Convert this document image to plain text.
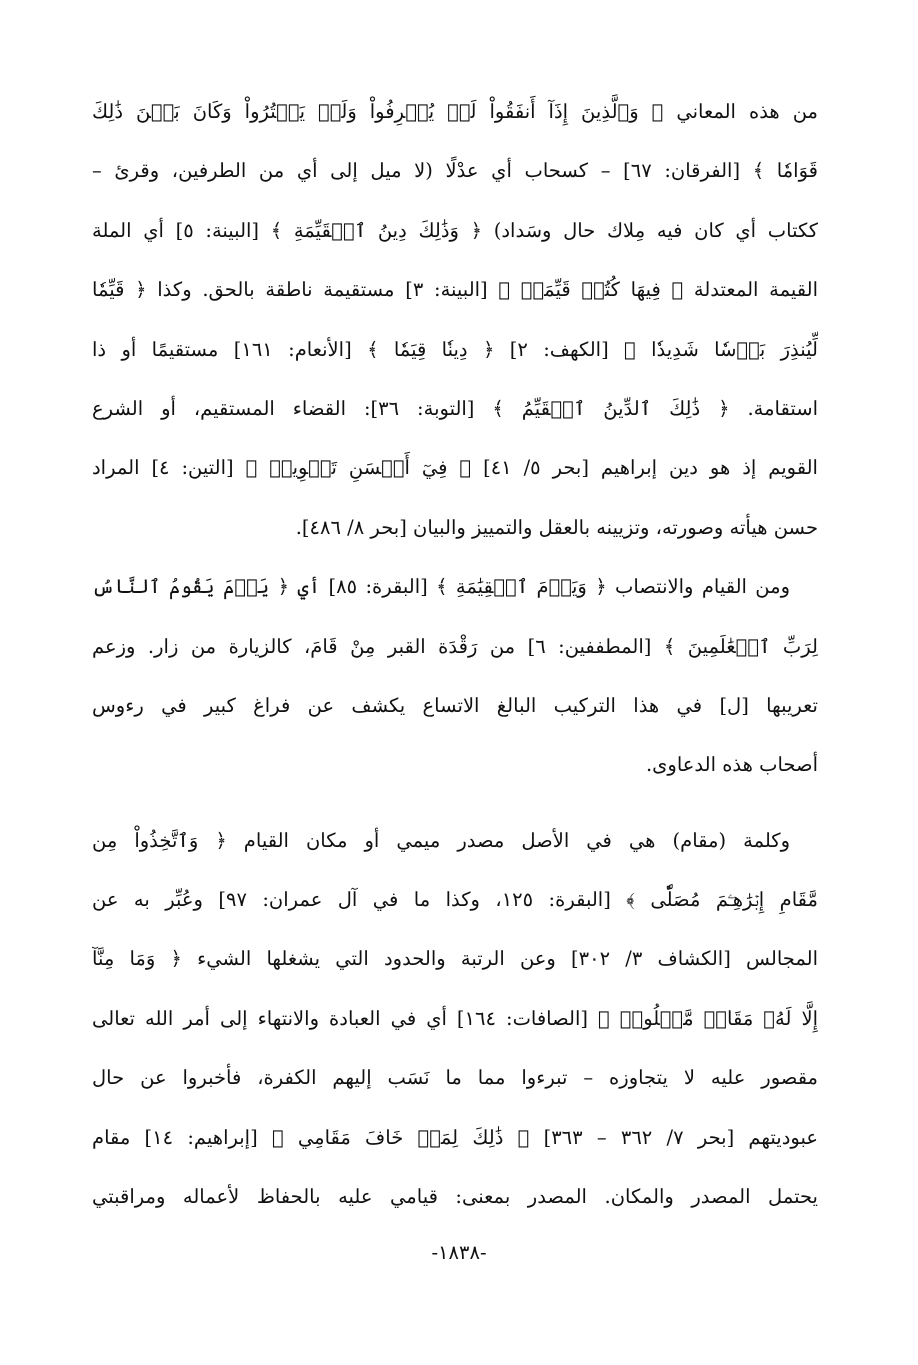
من هذه المعاني ﴿ وَٱلَّذِينَ إِذَآ أَنفَقُواْ لَمۡ يُسۡرِفُواْ وَلَمۡ يَقۡتُرُواْ وَكَانَ بَيۡنَ ذَٰلِكَ
قَوَامٗا ﴾ [الفرقان: ٦٧] – كسحاب أي عدْلًا (لا ميل إلى أي من الطرفين، وقرئ –
ككتاب أي كان فيه مِلاك حال وسَداد) ﴿ وَذَٰلِكَ دِينُ ٱلۡقَيِّمَةِ ﴾ [البينة: ٥] أي الملة
القيمة المعتدلة ﴿ فِيهَا كُتُبٞ قَيِّمَةٞ ﴾ [البينة: ٣] مستقيمة ناطقة بالحق. وكذا ﴿ قَيِّمٗا
لِّيُنذِرَ بَأۡسٗا شَدِيدٗا ﴾ [الكهف: ٢] ﴿ دِينٗا قِيَمٗا ﴾ [الأنعام: ١٦١] مستقيمًا أو ذا
استقامة. ﴿ ذَٰلِكَ ٱلدِّينُ ٱلۡقَيِّمُ ﴾ [التوبة: ٣٦]: القضاء المستقيم، أو الشرع
القويم إذ هو دين إبراهيم [بحر ٥/ ٤١] ﴿ فِيٓ أَحۡسَنِ تَقۡوِيمٖ ﴾ [التين: ٤] المراد
حسن هيأته وصورته، وتزيينه بالعقل والتمييز والبيان [بحر ٨/ ٤٨٦].
ومن القيام والانتصاب ﴿ وَيَوۡمَ ٱلۡقِيَٰمَةِ ﴾ [البقرة: ٨٥] أي ﴿ يَوۡمَ يَقُومُ ٱلنَّاسُ
لِرَبِّ ٱلۡعَٰلَمِينَ ﴾ [المطففين: ٦] من رَقْدَة القبر مِنْ قَامَ، كالزيارة من زار. وزعم
تعريبها [ل] في هذا التركيب البالغ الاتساع يكشف عن فراغ كبير في رءوس
أصحاب هذه الدعاوى.
وكلمة (مقام) هي في الأصل مصدر ميمي أو مكان القيام ﴿ وَٱتَّخِذُواْ مِن
مَّقَامِ إِبۡرَٰهِـۧمَ مُصَلّٗى ﴾ [البقرة: ١٢٥، وكذا ما في آل عمران: ٩٧] وعُبِّر به عن
المجالس [الكشاف ٣/ ٣٠٢] وعن الرتبة والحدود التي يشغلها الشيء ﴿ وَمَا مِنَّآ
إِلَّا لَهُۥ مَقَامٞ مَّعۡلُومٞ ﴾ [الصافات: ١٦٤] أي في العبادة والانتهاء إلى أمر الله تعالى
مقصور عليه لا يتجاوزه – تبرءوا مما ما نَسَب إليهم الكفرة، فأخبروا عن حال
عبوديتهم [بحر ٧/ ٣٦٢ – ٣٦٣] ﴿ ذَٰلِكَ لِمَنۡ خَافَ مَقَامِي ﴾ [إبراهيم: ١٤] مقام
يحتمل المصدر والمكان. المصدر بمعنى: قيامي عليه بالحفاظ لأعماله ومراقبتي
-١٨٣٨-
